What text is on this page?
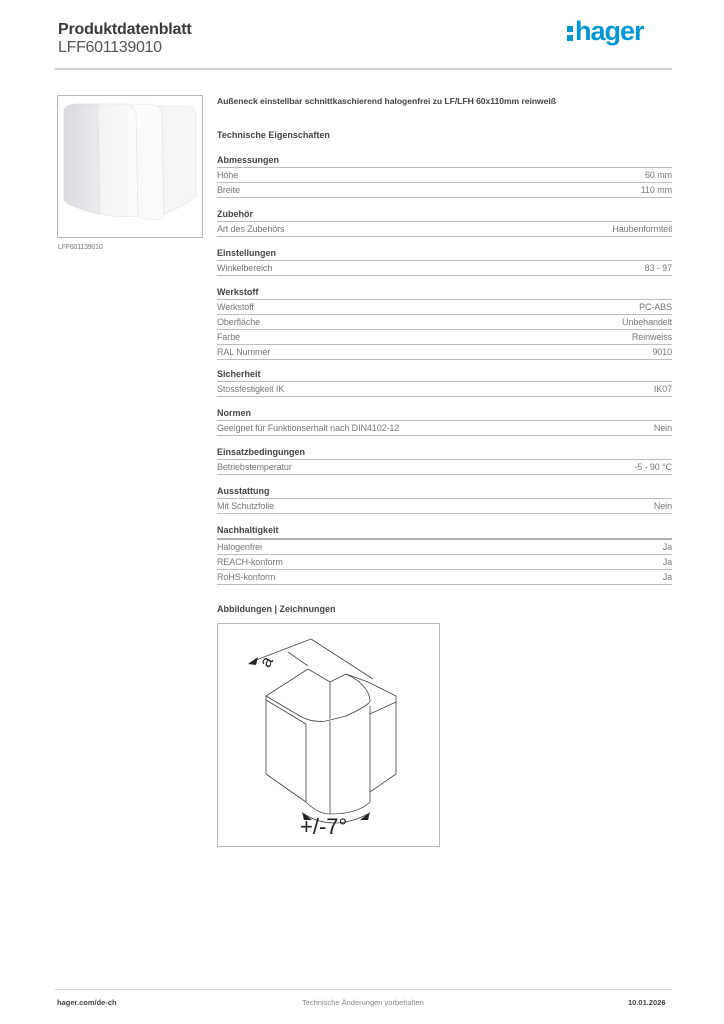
Produktdatenblatt
LFF601139010
hager
LFF601139010
Außeneck einstellbar schnittkaschierend halogenfrei zu LF/LFH 60x110mm reinweiß
Technische Eigenschaften
Abmessungen
Höhe	60 mm
Breite	110 mm
Zubehör
Art des Zubehörs	Haubenformteil
Einstellungen
Winkelbereich	83 - 97
Werkstoff
Werkstoff	PC-ABS
Oberfläche	Unbehandelt
Farbe	Reinweiss
RAL Nummer	9010
Sicherheit
Stossfestigkeit IK	IK07
Normen
Geeignet für Funktionserhalt nach DIN4102-12	Nein
Einsatzbedingungen
Betriebstemperatur	-5 - 90 °C
Ausstattung
Mit Schutzfolie	Nein
Nachhaltigkeit
Halogenfrei	Ja
REACH-konform	Ja
RoHS-konform	Ja
Abbildungen | Zeichnungen
a
+/-7°
hager.com/de-ch	Technische Änderungen vorbehalten	10.01.2026
